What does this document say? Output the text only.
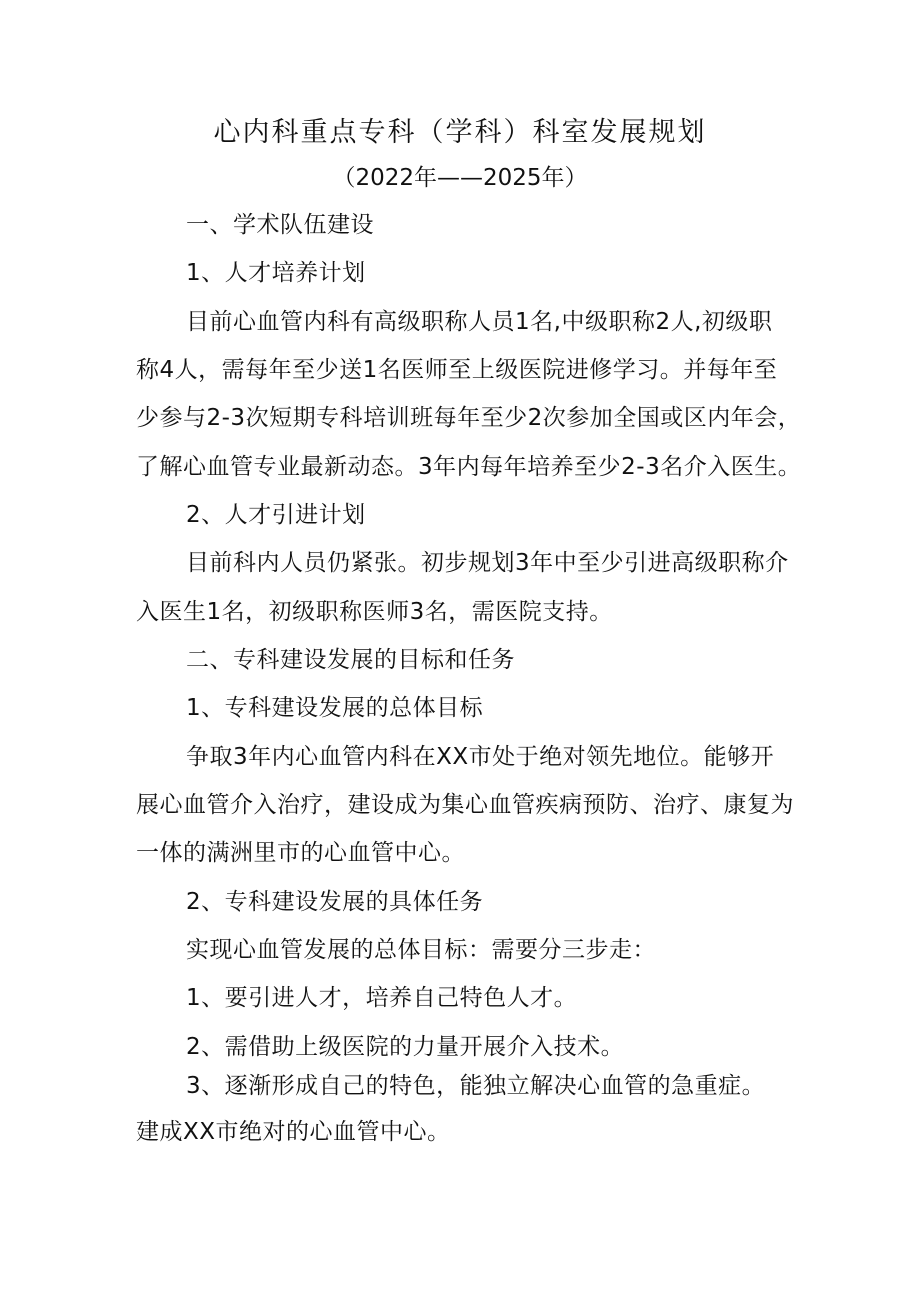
心内科重点专科（学科）科室发展规划
（2022年——2025年）
一、学术队伍建设
1、人才培养计划
目前心血管内科有高级职称人员1名,中级职称2人,初级职
称4人，需每年至少送1名医师至上级医院进修学习。并每年至
少参与2-3次短期专科培训班每年至少2次参加全国或区内年会，
了解心血管专业最新动态。3年内每年培养至少2-3名介入医生。
2、人才引进计划
目前科内人员仍紧张。初步规划3年中至少引进高级职称介
入医生1名，初级职称医师3名，需医院支持。
二、专科建设发展的目标和任务
1、专科建设发展的总体目标
争取3年内心血管内科在XX市处于绝对领先地位。能够开
展心血管介入治疗，建设成为集心血管疾病预防、治疗、康复为
一体的满洲里市的心血管中心。
2、专科建设发展的具体任务
实现心血管发展的总体目标：需要分三步走：
1、要引进人才，培养自己特色人才。
2、需借助上级医院的力量开展介入技术。
3、逐渐形成自己的特色，能独立解决心血管的急重症。
建成XX市绝对的心血管中心。
